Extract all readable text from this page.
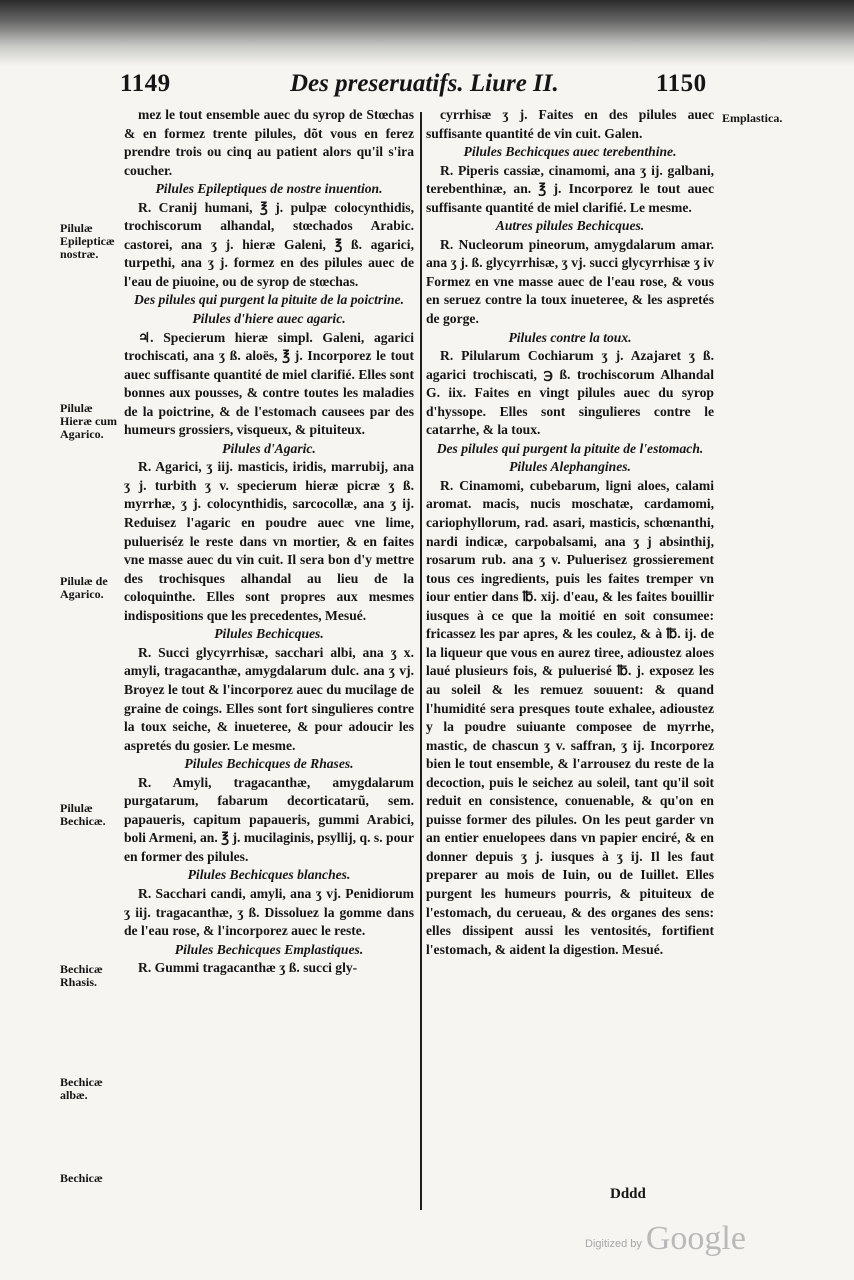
1149	Des preseruatifs. Liure II.	1150
Pilulæ Epilepticæ nostræ.
Pilulæ Hieræ cum Agarico.
Pilulæ de Agarico.
Pilulæ Bechicæ.
Bechicæ Rhasis.
Bechicæ albæ.
Bechicæ
Emplastica.

mez le tout ensemble auec du syrop de Stœchas & en formez trente pilules, dõt vous en ferez prendre trois ou cinq au patient alors qu'il s'ira coucher.

Pilules Epileptiques de nostre inuention.

R. Cranij humani, ℥ j. pulpæ colocynthidis, trochiscorum alhandal, stœchados Arabic. castorei, ana ʒ j. hieræ Galeni, ℥ ß. agarici, turpethi, ana ʒ j. formez en des pilules auec de l'eau de piuoine, ou de syrop de stœchas.

Des pilules qui purgent la pituite de la poictrine.

Pilules d'hiere auec agaric.

♃. Specierum hieræ simpl. Galeni, agarici trochiscati, ana ʒ ß. aloës, ℥ j. Incorporez le tout auec suffisante quantité de miel clarifié. Elles sont bonnes aux pousses, & contre toutes les maladies de la poictrine, & de l'estomach causees par des humeurs grossiers, visqueux, & pituiteux.

Pilules d'Agaric.

R. Agarici, ʒ iij. masticis, iridis, marrubij, ana ʒ j. turbith ʒ v. specierum hieræ picræ ʒ ß. myrrhæ, ʒ j. colocynthidis, sarcocollæ, ana ʒ ij. Reduisez l'agaric en poudre auec vne lime, pulueriséz le reste dans vn mortier, & en faites vne masse auec du vin cuit. Il sera bon d'y mettre des trochisques alhandal au lieu de la coloquinthe. Elles sont propres aux mesmes indispositions que les precedentes, Mesué.

Pilules Bechicques.

R. Succi glycyrrhisæ, sacchari albi, ana ʒ x. amyli, tragacanthæ, amygdalarum dulc. ana ʒ vj. Broyez le tout & l'incorporez auec du mucilage de graine de coings. Elles sont fort singulieres contre la toux seiche, & inueteree, & pour adoucir les aspretés du gosier. Le mesme.

Pilules Bechicques de Rhases.

R. Amyli, tragacanthæ, amygdalarum purgatarum, fabarum decorticatarũ, sem. papaueris, capitum papaueris, gummi Arabici, boli Armeni, an. ℥ j. mucilaginis, psyllij, q. s. pour en former des pilules.

Pilules Bechicques blanches.

R. Sacchari candi, amyli, ana ʒ vj. Penidiorum ʒ iij. tragacanthæ, ʒ ß. Dissoluez la gomme dans de l'eau rose, & l'incorporez auec le reste.

Pilules Bechicques Emplastiques.

R. Gummi tragacanthæ ʒ ß. succi gly-

cyrrhisæ ʒ j. Faites en des pilules auec suffisante quantité de vin cuit. Galen.

Pilules Bechicques auec terebenthine.

R. Piperis cassiæ, cinamomi, ana ʒ ij. galbani, terebenthinæ, an. ℥ j. Incorporez le tout auec suffisante quantité de miel clarifié. Le mesme.

Autres pilules Bechicques.

R. Nucleorum pineorum, amygdalarum amar. ana ʒ j. ß. glycyrrhisæ, ʒ vj. succi glycyrrhisæ ʒ iv Formez en vne masse auec de l'eau rose, & vous en seruez contre la toux inueteree, & les aspretés de gorge.

Pilules contre la toux.

R. Pilularum Cochiarum ʒ j. Azajaret ʒ ß. agarici trochiscati, ℈ ß. trochiscorum Alhandal G. iix. Faites en vingt pilules auec du syrop d'hyssope. Elles sont singulieres contre le catarrhe, & la toux.

Des pilules qui purgent la pituite de l'estomach.

Pilules Alephangines.

R. Cinamomi, cubebarum, ligni aloes, calami aromat. macis, nucis moschatæ, cardamomi, cariophyllorum, rad. asari, masticis, schœnanthi, nardi indicæ, carpobalsami, ana ʒ j absinthij, rosarum rub. ana ʒ v. Puluerisez grossierement tous ces ingredients, puis les faites tremper vn iour entier dans ℔. xij. d'eau, & les faites bouillir iusques à ce que la moitié en soit consumee: fricassez les par apres, & les coulez, & à ℔. ij. de la liqueur que vous en aurez tiree, adioustez aloes laué plusieurs fois, & puluerisé ℔. j. exposez les au soleil & les remuez souuent: & quand l'humidité sera presques toute exhalee, adioustez y la poudre suiuante composee de myrrhe, mastic, de chascun ʒ v. saffran, ʒ ij. Incorporez bien le tout ensemble, & l'arrousez du reste de la decoction, puis le seichez au soleil, tant qu'il soit reduit en consistence, conuenable, & qu'on en puisse former des pilules. On les peut garder vn an entier enuelopees dans vn papier enciré, & en donner depuis ʒ j. iusques à ʒ ij. Il les faut preparer au mois de Iuin, ou de Iuillet. Elles purgent les humeurs pourris, & pituiteux de l'estomach, du cerueau, & des organes des sens: elles dissipent aussi les ventosités, fortifient l'estomach, & aident la digestion. Mesué.

Dddd
Digitized by Google
